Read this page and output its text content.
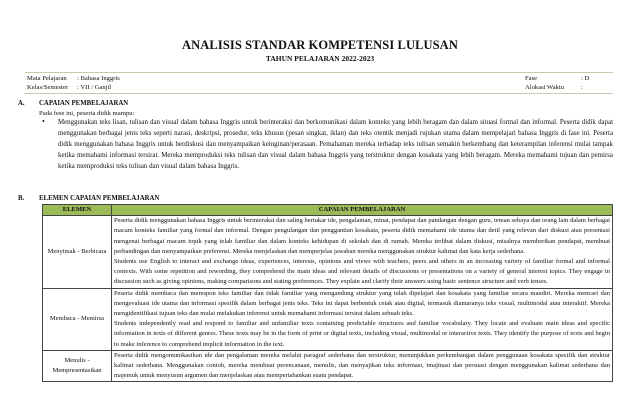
ANALISIS STANDAR KOMPETENSI LULUSAN
TAHUN PELAJARAN 2022-2023
Mata Pelajaran : Bahasa Inggris
Kelas/Semester : VII / Ganjil
Fase	: D
Alokasi Waktu	:
A. CAPAIAN PEMBELAJARAN
Pada fese ini, peserta didik mampu:
• Menggunakan teks lisan, tulisan dan visual dalam bahasa Inggris untuk berinteraksi dan berkomunikasi dalam konteks yang lebih beragam dan dalam situasi formal dan informal. Peserta didik dapat menggunakan berbagai jenis teks seperti narasi, deskripsi, prosedur, teks khusus (pesan singkat, iklan) dan teks otentik menjadi rujukan utama dalam mempelajari bahasa Inggris di fase ini. Peserta didik menggunakan bahasa Inggris untuk berdiskusi dan menyampaikan keinginan/perasaan. Pemahaman mereka terhadap teks tulisan semakin berkembang dan keterampilan inferensi mulai tampak ketika memahami informasi tersirat. Mereka memproduksi teks tulisan dan visual dalam bahasa Inggris yang terstruktur dengan kosakata yang lebih beragam. Mereka memahami tujuan dan pemirsa ketika memproduksi teks tulisan dan visual dalam bahasa Inggris.
B. ELEMEN CAPAIAN PEMBELAJARAN
ELEMEN	CAPAIAN PEMBELAJARAN
Menyimak - Berbicara	Peserta didik menggunakan bahasa Inggris untuk berinteraksi dan saling bertukar ide, pengalaman, minat, pendapat dan pandangan dengan guru, teman sebaya dan orang lain dalam berbagai macam konteks familiar yang formal dan informal. Dengan pengulangan dan penggantian kosakata, peserta didik memahami ide utama dan detil yang relevan dari diskusi atau presentasi mengenai berbagai macam topik yang telah familiar dan dalam konteks kehidupan di sekolah dan di rumah. Mereka terlibat dalam diskusi, misalnya memberikan pendapat, membuat perbandingan dan menyampaikan preferensi. Mereka menjelaskan dan memperjelas jawaban mereka menggunakan struktur kalimat dan kata kerja sederhana.
Students use English to interact and exchange ideas, experiences, interests, opinions and views with teachers, peers and others in an increasing variety of familiar formal and informal contexts. With some repetition and rewording, they comprehend the main ideas and relevant details of discussions or presentations on a variety of general interest topics. They engage in discussion such as giving opinions, making comparisons and stating preferences. They explain and clarify their answers using basic sentence structure and verb tenses.

Membaca - Memirsa	Peserta didik membaca dan merespon teks familiar dan tidak familiar yang mengandung struktur yang telah dipelajari dan kosakata yang familiar secara mandiri. Mereka mencari dan mengevaluasi ide utama dan informasi spesifik dalam berbagai jenis teks. Teks ini dapat berbentuk cetak atau digital, termasuk diantaranya teks visual, multimodal atau interaktif. Mereka mengidentifikasi tujuan teks dan mulai melakukan inferensi untuk memahami informasi tersirat dalam sebuah teks.
Students independently read and respond to familiar and unfamiliar texts containing predictable structures and familiar vocabulary. They locate and evaluate main ideas and specific information in texts of different genres. These texts may be in the form of print or digital texts, including visual, multimodal or interactive texts. They identify the purpose of texts and begin to make inference to comprehend implicit information in the text.

Menulis - Mempresentasikan	Peserta didik mengomunikasikan ide dan pengalaman mereka melalui paragraf sederhana dan terstruktur, menunjukkan perkembangan dalam penggunaan kosakata spesifik dan struktur kalimat sederhana. Menggunakan contoh, mereka membuat perencanaan, menulis, dan menyajikan teks informasi, imajinasi dan persuasi dengan menggunakan kalimat sederhana dan majemuk untuk menyusun argumen dan menjelaskan atau mempertahankan suatu pendapat.
